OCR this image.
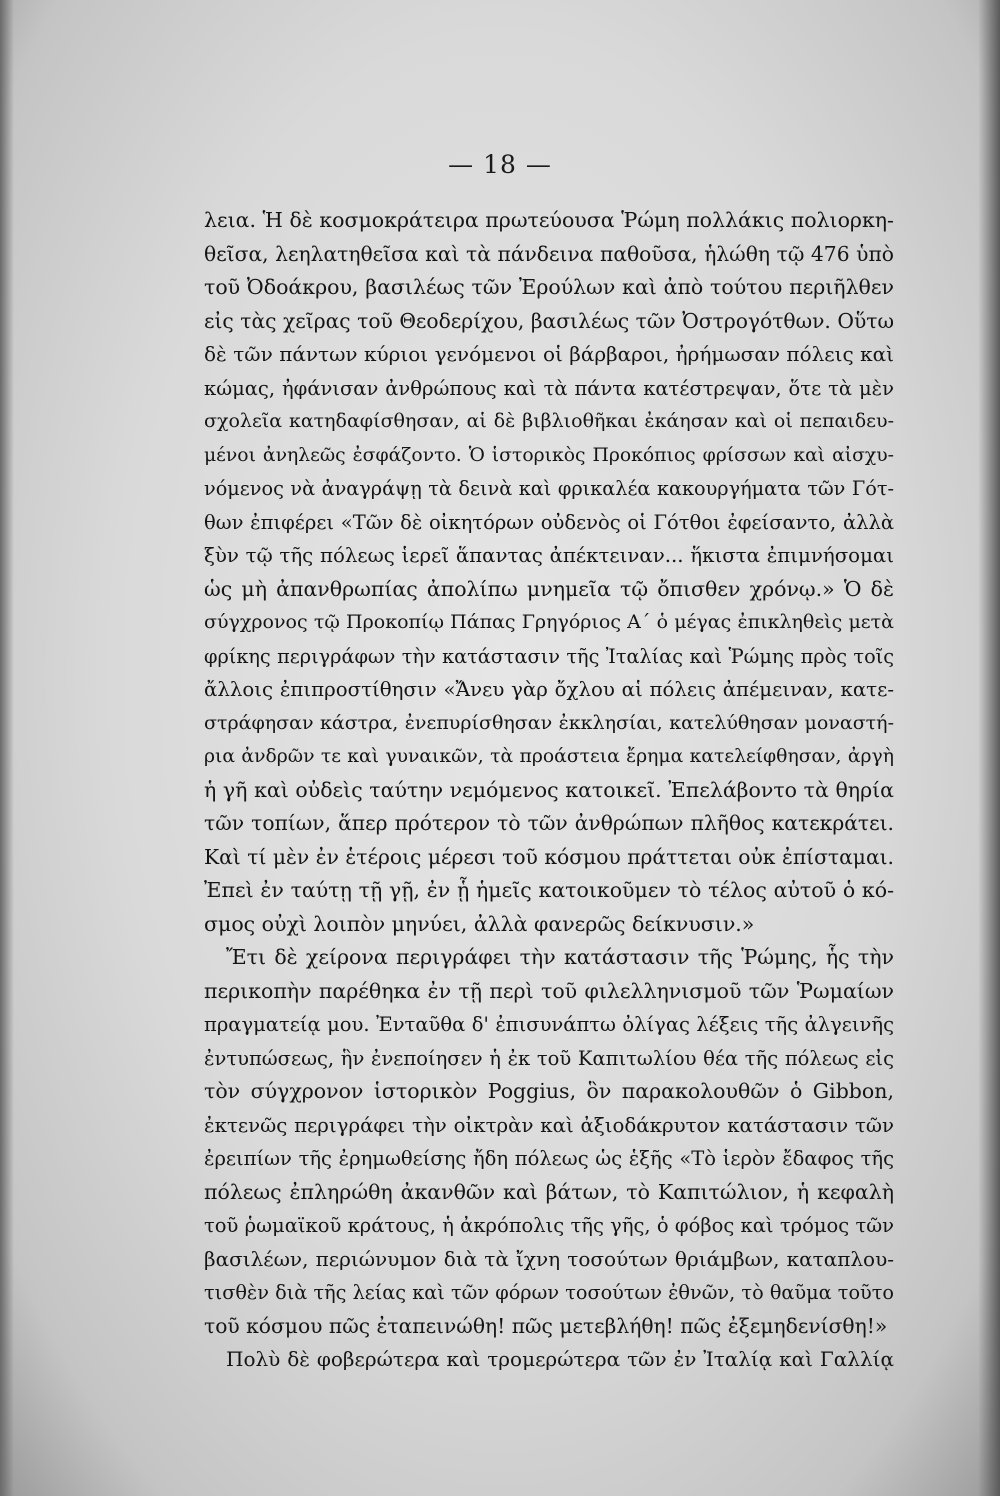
— 18 —
λεια. Ἡ δὲ κοσμοκράτειρα πρωτεύουσα Ῥώμη πολλάκις πολιορκη-
θεῖσα, λεηλατηθεῖσα καὶ τὰ πάνδεινα παθοῦσα, ἡλώθη τῷ 476 ὑπὸ
τοῦ Ὀδοάκρου, βασιλέως τῶν Ἐρούλων καὶ ἀπὸ τούτου περιῆλθεν
εἰς τὰς χεῖρας τοῦ Θεοδερίχου, βασιλέως τῶν Ὀστρογότθων. Οὕτω
δὲ τῶν πάντων κύριοι γενόμενοι οἱ βάρβαροι, ἠρήμωσαν πόλεις καὶ
κώμας, ἠφάνισαν ἀνθρώπους καὶ τὰ πάντα κατέστρεψαν, ὅτε τὰ μὲν
σχολεῖα κατηδαφίσθησαν, αἱ δὲ βιβλιοθῆκαι ἐκάησαν καὶ οἱ πεπαιδευ-
μένοι ἀνηλεῶς ἐσφάζοντο. Ὁ ἱστορικὸς Προκόπιος φρίσσων καὶ αἰσχυ-
νόμενος νὰ ἀναγράψῃ τὰ δεινὰ καὶ φρικαλέα κακουργήματα τῶν Γότ-
θων ἐπιφέρει «Τῶν δὲ οἰκητόρων οὐδενὸς οἱ Γότθοι ἐφείσαντο, ἀλλὰ
ξὺν τῷ τῆς πόλεως ἱερεῖ ἅπαντας ἀπέκτειναν... ἥκιστα ἐπιμνήσομαι
ὡς μὴ ἀπανθρωπίας ἀπολίπω μνημεῖα τῷ ὄπισθεν χρόνῳ.» Ὁ δὲ
σύγχρονος τῷ Προκοπίῳ Πάπας Γρηγόριος Α´ ὁ μέγας ἐπικληθεὶς μετὰ
φρίκης περιγράφων τὴν κατάστασιν τῆς Ἰταλίας καὶ Ῥώμης πρὸς τοῖς
ἄλλοις ἐπιπροστίθησιν «Ἄνευ γὰρ ὄχλου αἱ πόλεις ἀπέμειναν, κατε-
στράφησαν κάστρα, ἐνεπυρίσθησαν ἐκκλησίαι, κατελύθησαν μοναστή-
ρια ἀνδρῶν τε καὶ γυναικῶν, τὰ προάστεια ἔρημα κατελείφθησαν, ἀργὴ
ἡ γῆ καὶ οὐδεὶς ταύτην νεμόμενος κατοικεῖ. Ἐπελάβοντο τὰ θηρία
τῶν τοπίων, ἅπερ πρότερον τὸ τῶν ἀνθρώπων πλῆθος κατεκράτει.
Καὶ τί μὲν ἐν ἑτέροις μέρεσι τοῦ κόσμου πράττεται οὐκ ἐπίσταμαι.
Ἐπεὶ ἐν ταύτῃ τῇ γῇ, ἐν ᾗ ἡμεῖς κατοικοῦμεν τὸ τέλος αὐτοῦ ὁ κό-
σμος οὐχὶ λοιπὸν μηνύει, ἀλλὰ φανερῶς δείκνυσιν.»
Ἔτι δὲ χείρονα περιγράφει τὴν κατάστασιν τῆς Ῥώμης, ἧς τὴν
περικοπὴν παρέθηκα ἐν τῇ περὶ τοῦ φιλελληνισμοῦ τῶν Ῥωμαίων
πραγματείᾳ μου. Ἐνταῦθα δ' ἐπισυνάπτω ὀλίγας λέξεις τῆς ἀλγεινῆς
ἐντυπώσεως, ἣν ἐνεποίησεν ἡ ἐκ τοῦ Καπιτωλίου θέα τῆς πόλεως εἰς
τὸν σύγχρονον ἱστορικὸν Poggius, ὃν παρακολουθῶν ὁ Gibbon,
ἐκτενῶς περιγράφει τὴν οἰκτρὰν καὶ ἀξιοδάκρυτον κατάστασιν τῶν
ἐρειπίων τῆς ἐρημωθείσης ἤδη πόλεως ὡς ἑξῆς «Τὸ ἱερὸν ἔδαφος τῆς
πόλεως ἐπληρώθη ἀκανθῶν καὶ βάτων, τὸ Καπιτώλιον, ἡ κεφαλὴ
τοῦ ῥωμαϊκοῦ κράτους, ἡ ἀκρόπολις τῆς γῆς, ὁ φόβος καὶ τρόμος τῶν
βασιλέων, περιώνυμον διὰ τὰ ἴχνη τοσούτων θριάμβων, καταπλου-
τισθὲν διὰ τῆς λείας καὶ τῶν φόρων τοσούτων ἐθνῶν, τὸ θαῦμα τοῦτο
τοῦ κόσμου πῶς ἐταπεινώθη! πῶς μετεβλήθη! πῶς ἐξεμηδενίσθη!»
Πολὺ δὲ φοβερώτερα καὶ τρομερώτερα τῶν ἐν Ἰταλίᾳ καὶ Γαλλίᾳ
